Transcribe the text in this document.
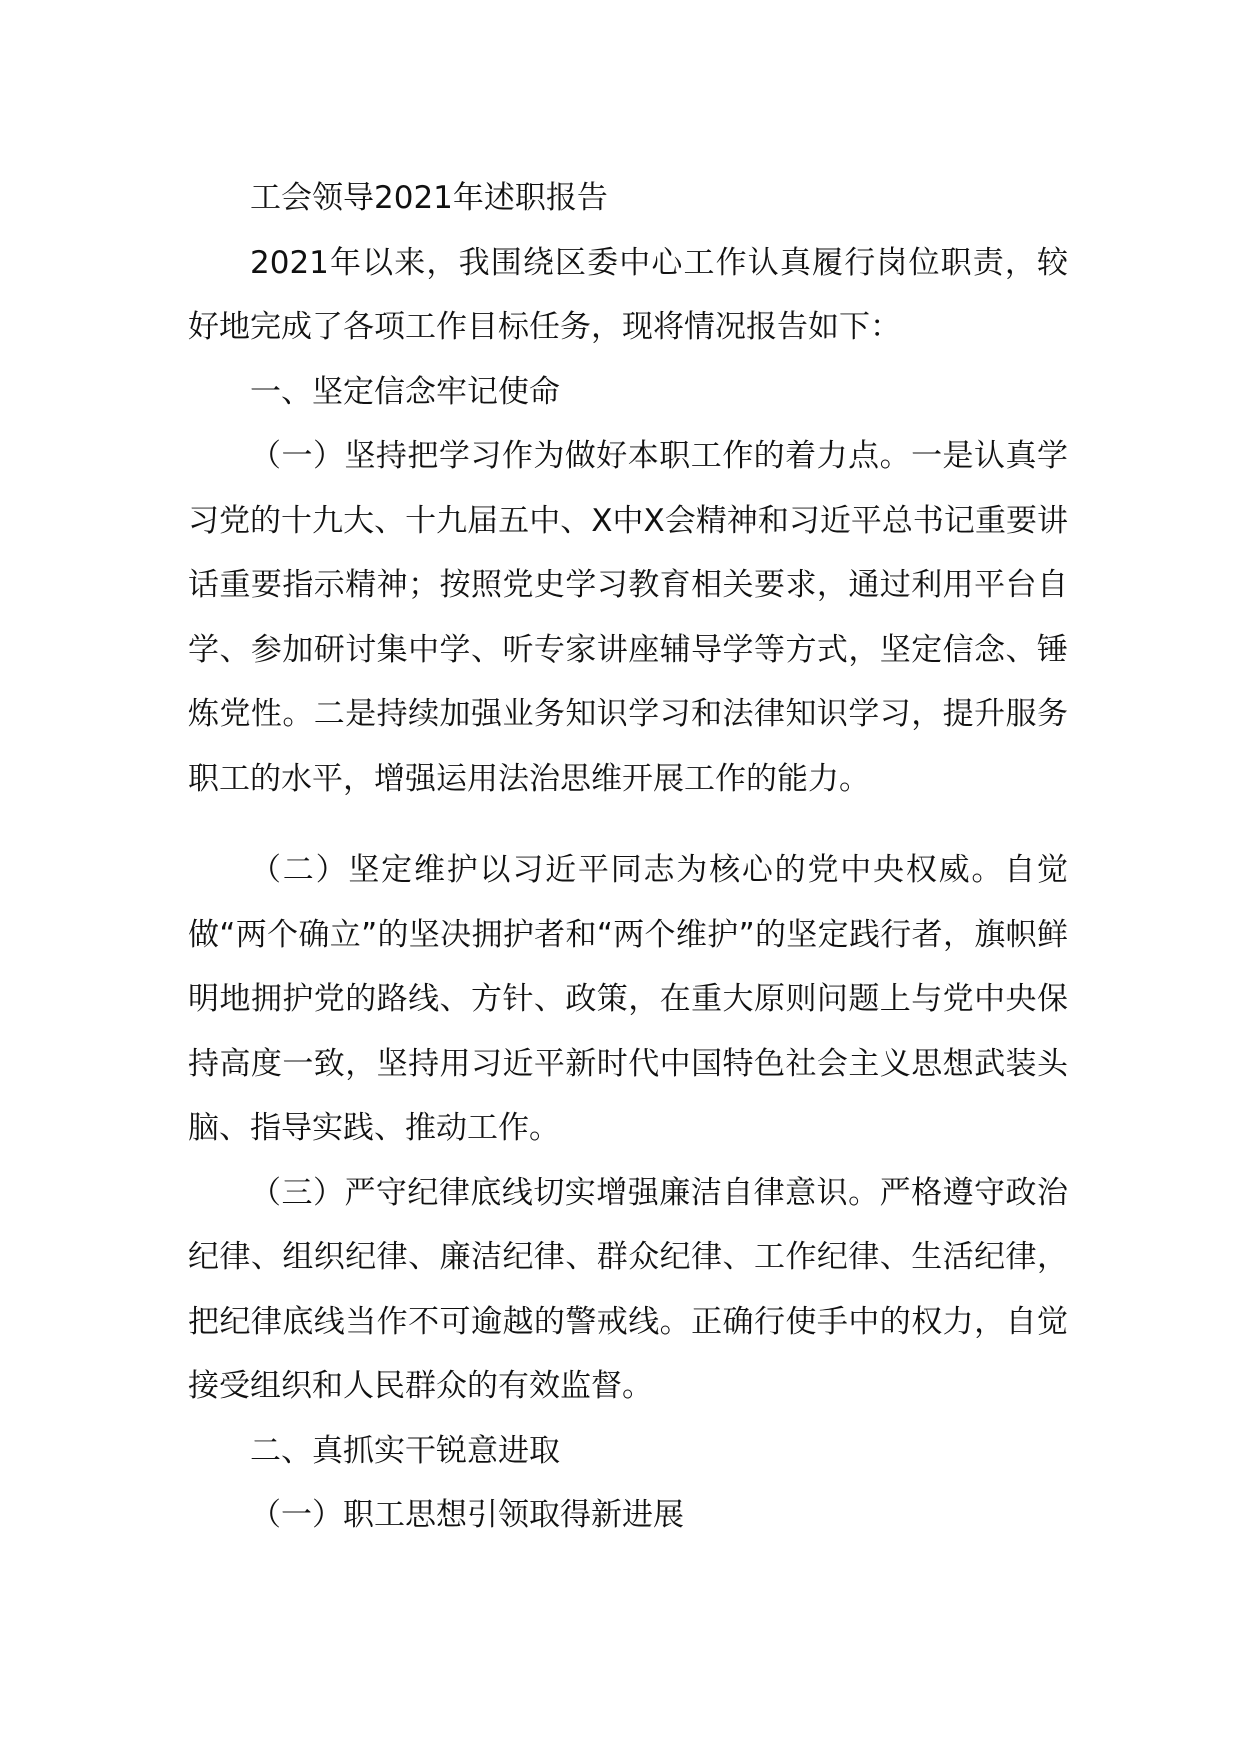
工会领导2021年述职报告

2021年以来，我围绕区委中心工作认真履行岗位职责，较好地完成了各项工作目标任务，现将情况报告如下：

一、坚定信念牢记使命

（一）坚持把学习作为做好本职工作的着力点。一是认真学习党的十九大、十九届五中、X中X会精神和习近平总书记重要讲话重要指示精神；按照党史学习教育相关要求，通过利用平台自学、参加研讨集中学、听专家讲座辅导学等方式，坚定信念、锤炼党性。二是持续加强业务知识学习和法律知识学习，提升服务职工的水平，增强运用法治思维开展工作的能力。

（二）坚定维护以习近平同志为核心的党中央权威。自觉做“两个确立”的坚决拥护者和“两个维护”的坚定践行者，旗帜鲜明地拥护党的路线、方针、政策，在重大原则问题上与党中央保持高度一致，坚持用习近平新时代中国特色社会主义思想武装头脑、指导实践、推动工作。

（三）严守纪律底线切实增强廉洁自律意识。严格遵守政治纪律、组织纪律、廉洁纪律、群众纪律、工作纪律、生活纪律，把纪律底线当作不可逾越的警戒线。正确行使手中的权力，自觉接受组织和人民群众的有效监督。

二、真抓实干锐意进取

（一）职工思想引领取得新进展
